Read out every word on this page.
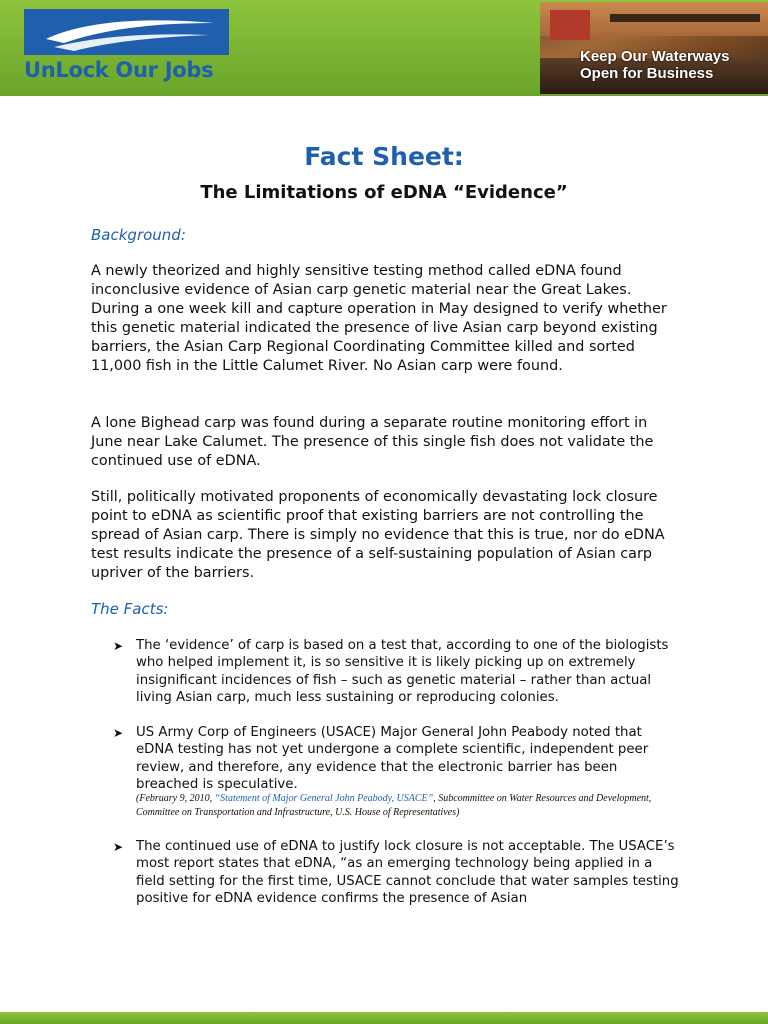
UnLock Our Jobs
Keep Our Waterways
Open for Business
Fact Sheet:
The Limitations of eDNA “Evidence”
Background:

A newly theorized and highly sensitive testing method called eDNA found inconclusive evidence of Asian carp genetic material near the Great Lakes. During a one week kill and capture operation in May designed to verify whether this genetic material indicated the presence of live Asian carp beyond existing barriers, the Asian Carp Regional Coordinating Committee killed and sorted 11,000 fish in the Little Calumet River. No Asian carp were found.

A lone Bighead carp was found during a separate routine monitoring effort in June near Lake Calumet. The presence of this single fish does not validate the continued use of eDNA.

Still, politically motivated proponents of economically devastating lock closure point to eDNA as scientific proof that existing barriers are not controlling the spread of Asian carp. There is simply no evidence that this is true, nor do eDNA test results indicate the presence of a self-sustaining population of Asian carp upriver of the barriers.

The Facts:
➤ The ‘evidence’ of carp is based on a test that, according to one of the biologists who helped implement it, is so sensitive it is likely picking up on extremely insignificant incidences of fish – such as genetic material – rather than actual living Asian carp, much less sustaining or reproducing colonies.
➤ US Army Corp of Engineers (USACE) Major General John Peabody noted that eDNA testing has not yet undergone a complete scientific, independent peer review, and therefore, any evidence that the electronic barrier has been breached is speculative.
(February 9, 2010, “Statement of Major General John Peabody, USACE”, Subcommittee on Water Resources and Development, Committee on Transportation and Infrastructure, U.S. House of Representatives)
➤ The continued use of eDNA to justify lock closure is not acceptable. The USACE’s most report states that eDNA, “as an emerging technology being applied in a field setting for the first time, USACE cannot conclude that water samples testing positive for eDNA evidence confirms the presence of Asian
